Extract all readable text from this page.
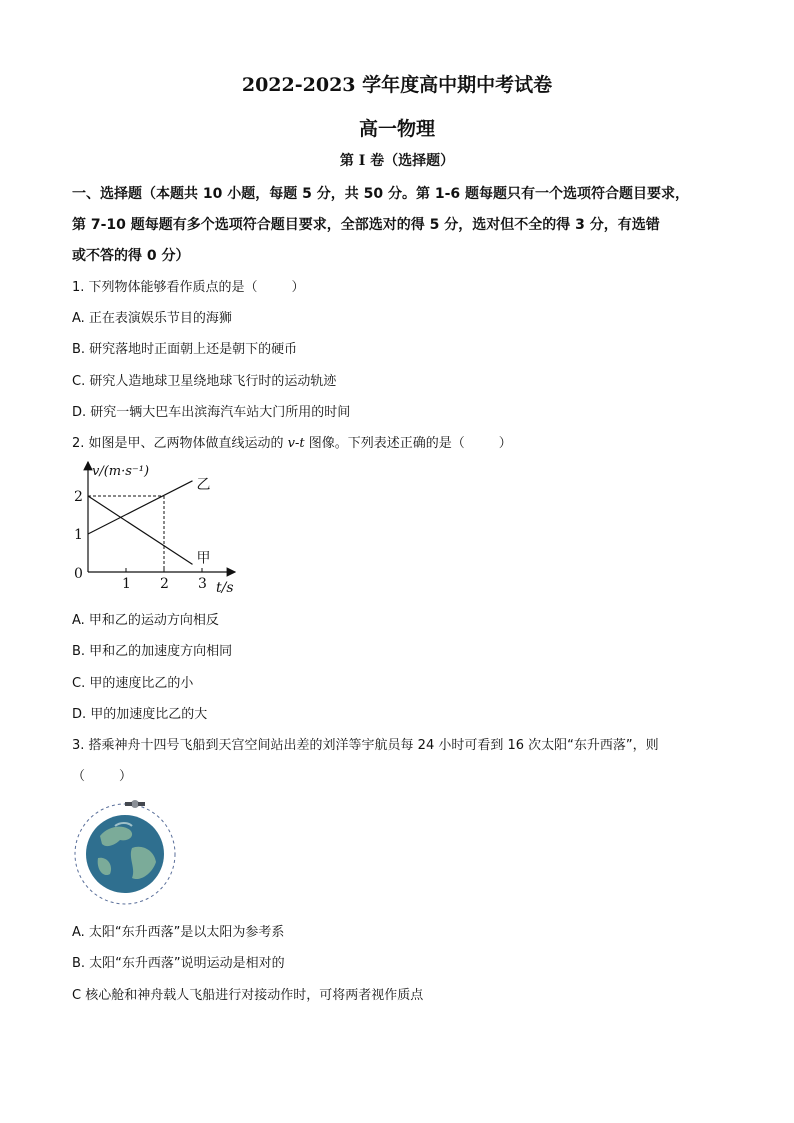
2022-2023 学年度高中期中考试卷
高一物理
第 I 卷（选择题）
一、选择题（本题共 10 小题，每题 5 分，共 50 分。第 1-6 题每题只有一个选项符合题目要求，
第 7-10 题每题有多个选项符合题目要求，全部选对的得 5 分，选对但不全的得 3 分，有选错
或不答的得 0 分）
1. 下列物体能够看作质点的是（	）
A. 正在表演娱乐节目的海狮
B. 研究落地时正面朝上还是朝下的硬币
C. 研究人造地球卫星绕地球飞行时的运动轨迹
D. 研究一辆大巴车出滨海汽车站大门所用的时间
2. 如图是甲、乙两物体做直线运动的 v-t 图像。下列表述正确的是（	）
乙
甲
1 2 3
1
2
0
v/(m·s⁻¹)
t/s
A. 甲和乙的运动方向相反
B. 甲和乙的加速度方向相同
C. 甲的速度比乙的小
D. 甲的加速度比乙的大
3. 搭乘神舟十四号飞船到天宫空间站出差的刘洋等宇航员每 24 小时可看到 16 次太阳“东升西落”，则
（	）
A. 太阳“东升西落”是以太阳为参考系
B. 太阳“东升西落”说明运动是相对的
C 核心舱和神舟载人飞船进行对接动作时，可将两者视作质点
